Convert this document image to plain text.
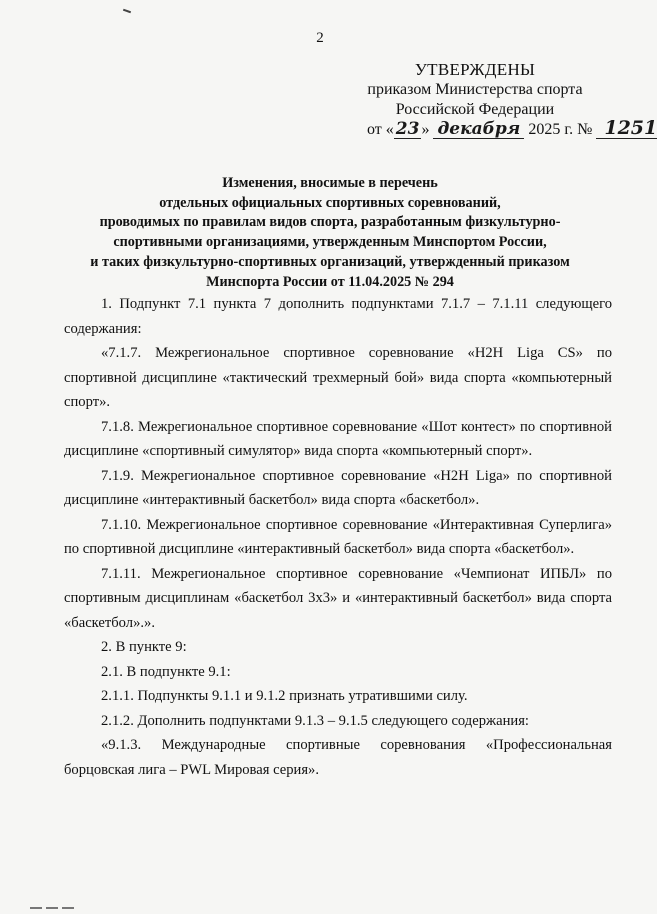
2
УТВЕРЖДЕНЫ
приказом Министерства спорта
Российской Федерации
от « 23 » декабря 2025 г. № 1251
Изменения, вносимые в перечень
отдельных официальных спортивных соревнований,
проводимых по правилам видов спорта, разработанным физкультурно-
спортивными организациями, утвержденным Минспортом России,
и таких физкультурно-спортивных организаций, утвержденный приказом
Минспорта России от 11.04.2025 № 294

1. Подпункт 7.1 пункта 7 дополнить подпунктами 7.1.7 – 7.1.11 следующего содержания:

«7.1.7. Межрегиональное спортивное соревнование «H2H Liga CS» по спортивной дисциплине «тактический трехмерный бой» вида спорта «компьютерный спорт».

7.1.8. Межрегиональное спортивное соревнование «Шот контест» по спортивной дисциплине «спортивный симулятор» вида спорта «компьютерный спорт».

7.1.9. Межрегиональное спортивное соревнование «H2H Liga» по спортивной дисциплине «интерактивный баскетбол» вида спорта «баскетбол».

7.1.10. Межрегиональное спортивное соревнование «Интерактивная Суперлига» по спортивной дисциплине «интерактивный баскетбол» вида спорта «баскетбол».

7.1.11. Межрегиональное спортивное соревнование «Чемпионат ИПБЛ» по спортивным дисциплинам «баскетбол 3х3» и «интерактивный баскетбол» вида спорта «баскетбол».».

2. В пункте 9:

2.1. В подпункте 9.1:

2.1.1. Подпункты 9.1.1 и 9.1.2 признать утратившими силу.

2.1.2. Дополнить подпунктами 9.1.3 – 9.1.5 следующего содержания:

«9.1.3. Международные спортивные соревнования «Профессиональная борцовская лига – PWL Мировая серия».
